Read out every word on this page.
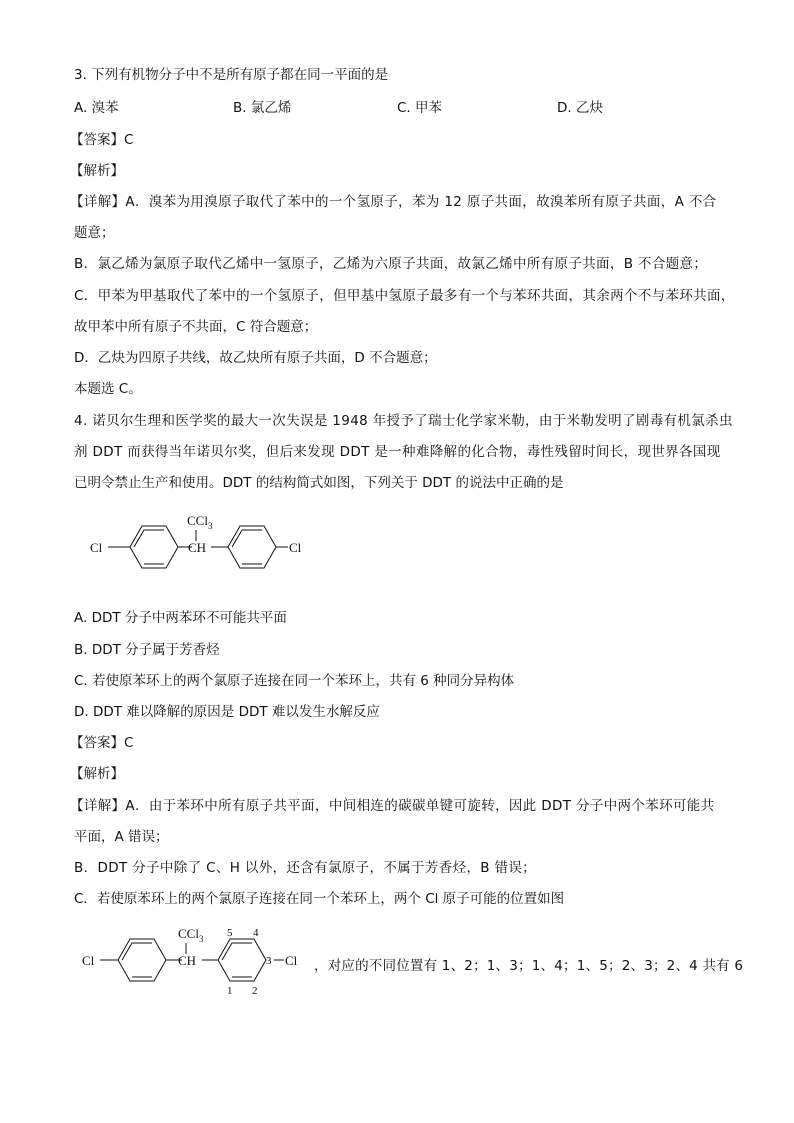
3. 下列有机物分子中不是所有原子都在同一平面的是
A. 溴苯	B. 氯乙烯	C. 甲苯	D. 乙炔
【答案】C
【解析】
【详解】A．溴苯为用溴原子取代了苯中的一个氢原子，苯为 12 原子共面，故溴苯所有原子共面，A 不合
题意；
B．氯乙烯为氯原子取代乙烯中一氢原子，乙烯为六原子共面，故氯乙烯中所有原子共面，B 不合题意；
C．甲苯为甲基取代了苯中的一个氢原子，但甲基中氢原子最多有一个与苯环共面，其余两个不与苯环共面，
故甲苯中所有原子不共面，C 符合题意；
D．乙炔为四原子共线，故乙炔所有原子共面，D 不合题意；
本题选 C。
4. 诺贝尔生理和医学奖的最大一次失误是 1948 年授予了瑞士化学家米勒，由于米勒发明了剧毒有机氯杀虫
剂 DDT 而获得当年诺贝尔奖，但后来发现 DDT 是一种难降解的化合物，毒性残留时间长，现世界各国现
已明令禁止生产和使用。DDT 的结构简式如图，下列关于 DDT 的说法中正确的是
Cl	CH
CCl$_3$
Cl
A. DDT 分子中两苯环不可能共平面
B. DDT 分子属于芳香烃
C. 若使原苯环上的两个氯原子连接在同一个苯环上，共有 6 种同分异构体
D. DDT 难以降解的原因是 DDT 难以发生水解反应
【答案】C
【解析】
【详解】A．由于苯环中所有原子共平面，中间相连的碳碳单键可旋转，因此 DDT 分子中两个苯环可能共
平面，A 错误；
B．DDT 分子中除了 C、H 以外，还含有氯原子，不属于芳香烃，B 错误；
C．若使原苯环上的两个氯原子连接在同一个苯环上，两个 Cl 原子可能的位置如图
Cl	CH
CCl$_3$
Cl
1 2
3
4
5
，对应的不同位置有 1、2；1、3；1、4；1、5；2、3；2、4 共有 6
